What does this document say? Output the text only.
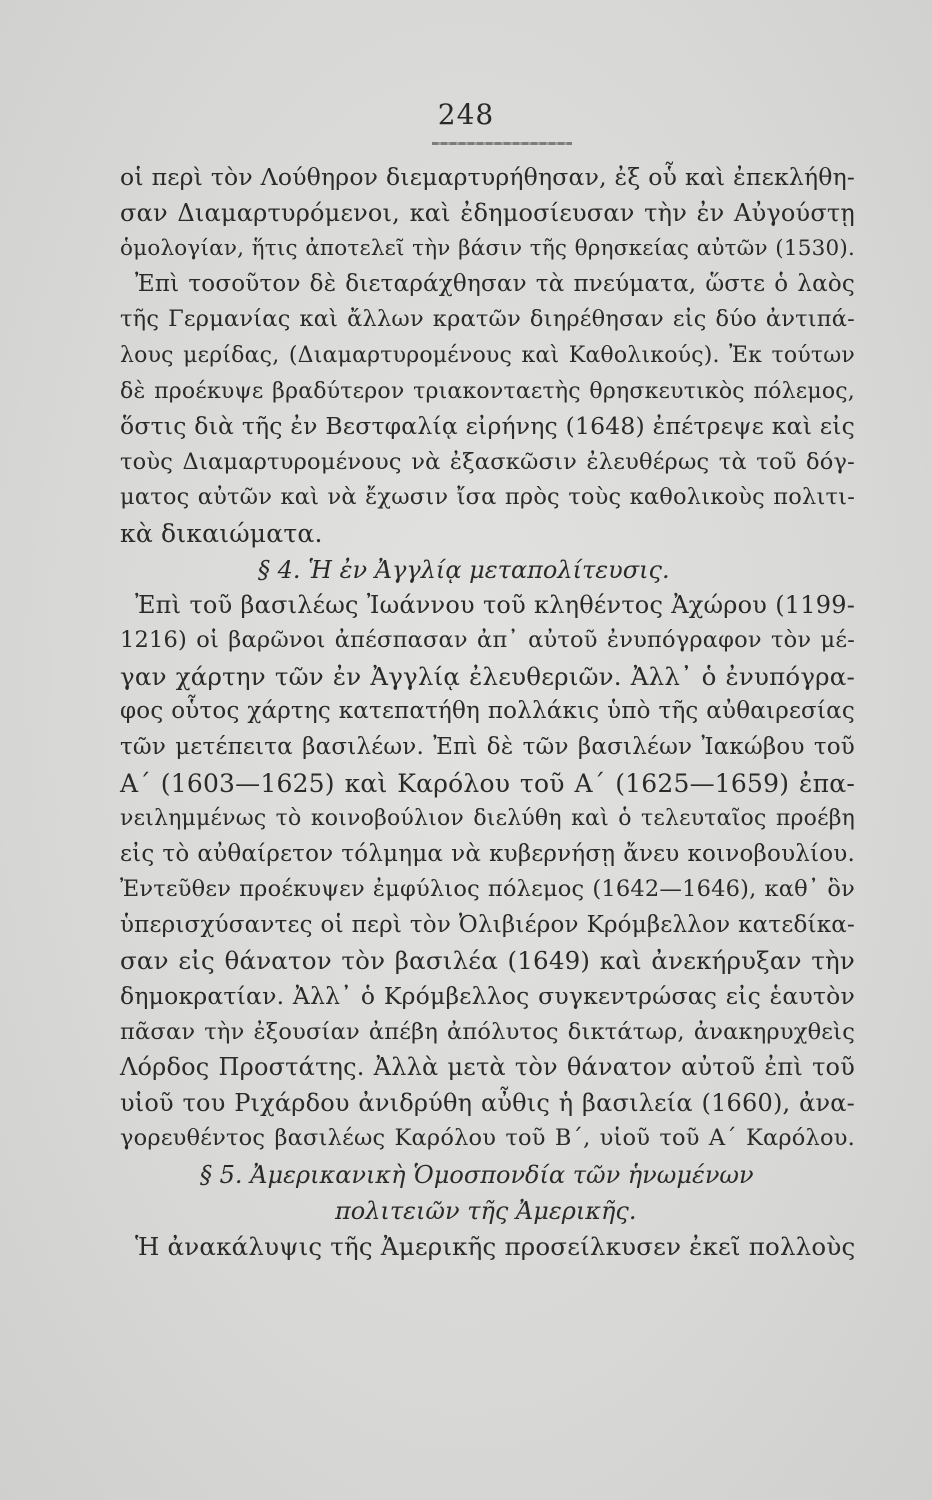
248
οἱ περὶ τὸν Λούθηρον διεμαρτυρήθησαν, ἐξ οὗ καὶ ἐπεκλήθη-
σαν Διαμαρτυρόμενοι, καὶ ἐδημοσίευσαν τὴν ἐν Αὐγούστῃ
ὁμολογίαν, ἥτις ἀποτελεῖ τὴν βάσιν τῆς θρησκείας αὐτῶν (1530).
Ἐπὶ τοσοῦτον δὲ διεταράχθησαν τὰ πνεύματα, ὥστε ὁ λαὸς
τῆς Γερμανίας καὶ ἄλλων κρατῶν διηρέθησαν εἰς δύο ἀντιπά-
λους μερίδας, (Διαμαρτυρομένους καὶ Καθολικούς). Ἐκ τούτων
δὲ προέκυψε βραδύτερον τριακονταετὴς θρησκευτικὸς πόλεμος,
ὅστις διὰ τῆς ἐν Βεστφαλίᾳ εἰρήνης (1648) ἐπέτρεψε καὶ εἰς
τοὺς Διαμαρτυρομένους νὰ ἐξασκῶσιν ἐλευθέρως τὰ τοῦ δόγ-
ματος αὐτῶν καὶ νὰ ἔχωσιν ἴσα πρὸς τοὺς καθολικοὺς πολιτι-
κὰ δικαιώματα.
§ 4. Ἡ ἐν Ἀγγλίᾳ μεταπολίτευσις.
Ἐπὶ τοῦ βασιλέως Ἰωάννου τοῦ κληθέντος Ἀχώρου (1199-
1216) οἱ βαρῶνοι ἀπέσπασαν ἀπ᾿ αὐτοῦ ἐνυπόγραφον τὸν μέ-
γαν χάρτην τῶν ἐν Ἀγγλίᾳ ἐλευθεριῶν. Ἀλλ᾿ ὁ ἐνυπόγρα-
φος οὗτος χάρτης κατεπατήθη πολλάκις ὑπὸ τῆς αὐθαιρεσίας
τῶν μετέπειτα βασιλέων. Ἐπὶ δὲ τῶν βασιλέων Ἰακώβου τοῦ
Α΄ (1603—1625) καὶ Καρόλου τοῦ Α΄ (1625—1659) ἐπα-
νειλημμένως τὸ κοινοβούλιον διελύθη καὶ ὁ τελευταῖος προέβη
εἰς τὸ αὐθαίρετον τόλμημα νὰ κυβερνήσῃ ἄνευ κοινοβουλίου.
Ἐντεῦθεν προέκυψεν ἐμφύλιος πόλεμος (1642—1646), καθ᾿ ὃν
ὑπερισχύσαντες οἱ περὶ τὸν Ὀλιβιέρον Κρόμβελλον κατεδίκα-
σαν εἰς θάνατον τὸν βασιλέα (1649) καὶ ἀνεκήρυξαν τὴν
δημοκρατίαν. Ἀλλ᾿ ὁ Κρόμβελλος συγκεντρώσας εἰς ἑαυτὸν
πᾶσαν τὴν ἐξουσίαν ἀπέβη ἀπόλυτος δικτάτωρ, ἀνακηρυχθεὶς
Λόρδος Προστάτης. Ἀλλὰ μετὰ τὸν θάνατον αὐτοῦ ἐπὶ τοῦ
υἱοῦ του Ριχάρδου ἀνιδρύθη αὖθις ἡ βασιλεία (1660), ἀνα-
γορευθέντος βασιλέως Καρόλου τοῦ Β΄, υἱοῦ τοῦ Α΄ Καρόλου.
§ 5. Ἀμερικανικὴ Ὁμοσπονδία τῶν ἡνωμένων
πολιτειῶν τῆς Ἀμερικῆς.
Ἡ ἀνακάλυψις τῆς Ἀμερικῆς προσείλκυσεν ἐκεῖ πολλοὺς
